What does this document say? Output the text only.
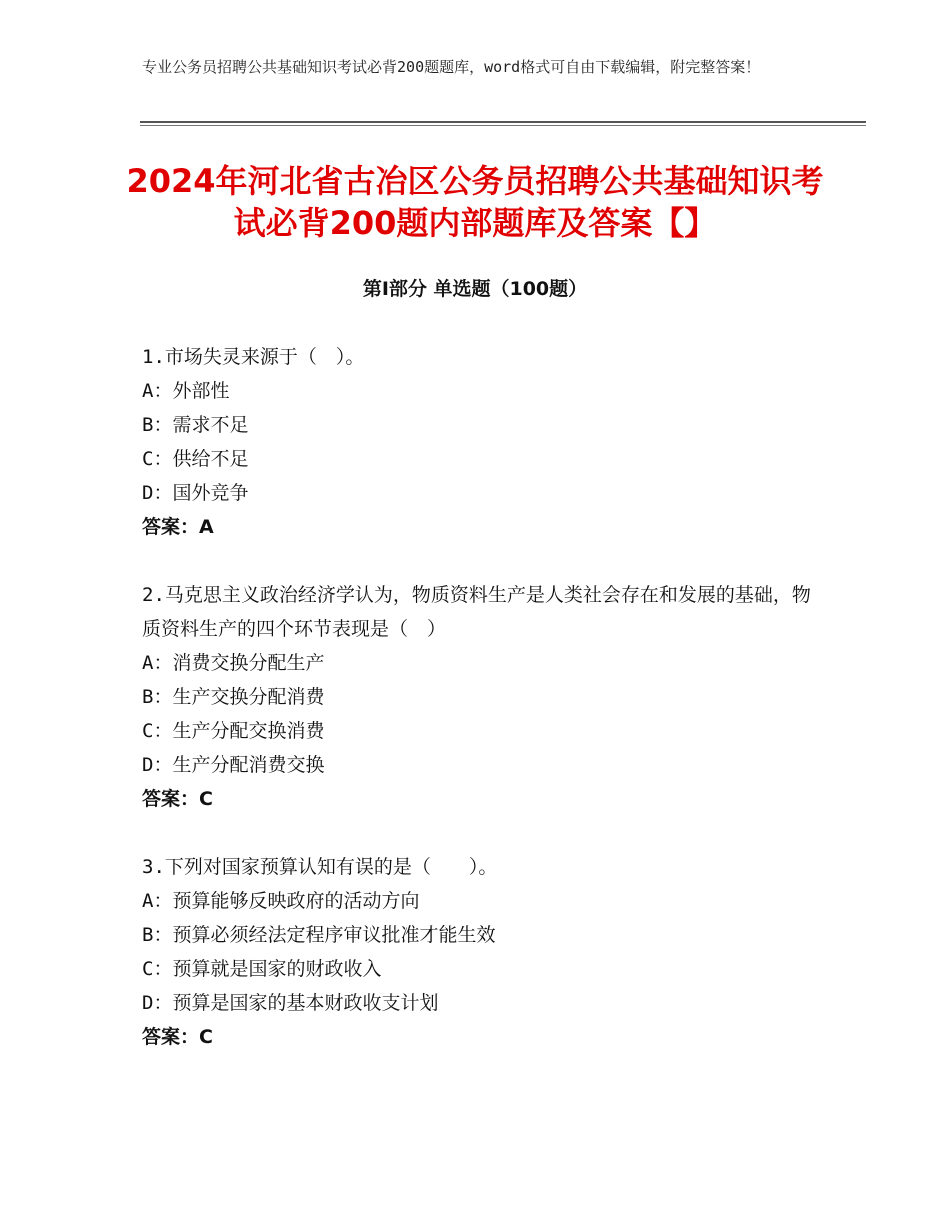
专业公务员招聘公共基础知识考试必背200题题库，word格式可自由下载编辑，附完整答案！
2024年河北省古冶区公务员招聘公共基础知识考试必背200题内部题库及答案【】
第Ⅰ部分 单选题（100题）
1.市场失灵来源于（　）。
A：外部性
B：需求不足
C：供给不足
D：国外竞争
答案：A
2.马克思主义政治经济学认为，物质资料生产是人类社会存在和发展的基础，物质资料生产的四个环节表现是（　）
A：消费交换分配生产
B：生产交换分配消费
C：生产分配交换消费
D：生产分配消费交换
答案：C
3.下列对国家预算认知有误的是（　　）。
A：预算能够反映政府的活动方向
B：预算必须经法定程序审议批准才能生效
C：预算就是国家的财政收入
D：预算是国家的基本财政收支计划
答案：C
